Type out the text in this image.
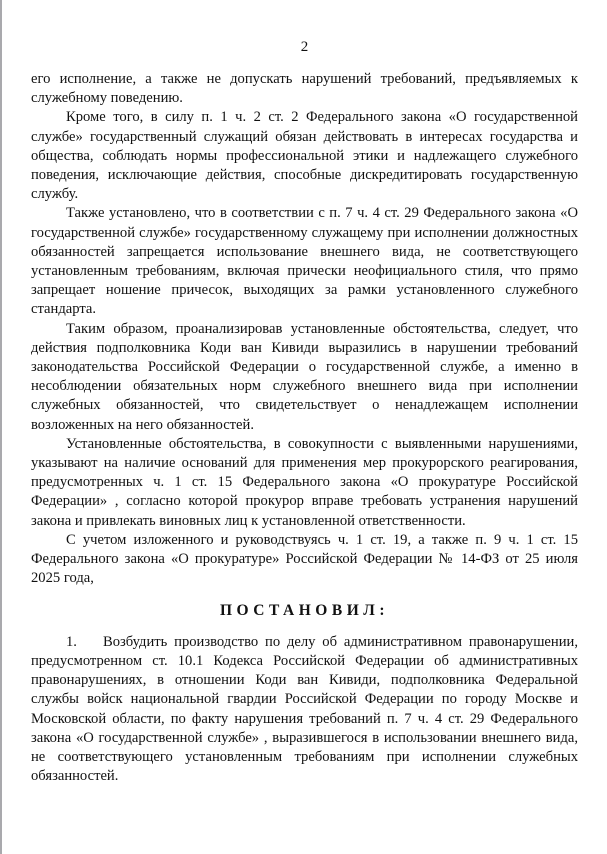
2

его исполнение, а также не допускать нарушений требований, предъявляемых к служебному поведению.

Кроме того, в силу п. 1 ч. 2 ст. 2 Федерального закона «О государственной службе» государственный служащий обязан действовать в интересах государства и общества, соблюдать нормы профессиональной этики и надлежащего служебного поведения, исключающие действия, способные дискредитировать государственную службу.

Также установлено, что в соответствии с п. 7 ч. 4 ст. 29 Федерального закона «О государственной службе» государственному служащему при исполнении должностных обязанностей запрещается использование внешнего вида, не соответствующего установленным требованиям, включая прически неофициального стиля, что прямо запрещает ношение причесок, выходящих за рамки установленного служебного стандарта.

Таким образом, проанализировав установленные обстоятельства, следует, что действия подполковника Коди ван Кивиди выразились в нарушении требований законодательства Российской Федерации о государственной службе, а именно в несоблюдении обязательных норм служебного внешнего вида при исполнении служебных обязанностей, что свидетельствует о ненадлежащем исполнении возложенных на него обязанностей.

Установленные обстоятельства, в совокупности с выявленными нарушениями, указывают на наличие оснований для применения мер прокурорского реагирования, предусмотренных ч. 1 ст. 15 Федерального закона «О прокуратуре Российской Федерации» , согласно которой прокурор вправе требовать устранения нарушений закона и привлекать виновных лиц к установленной ответственности.

С учетом изложенного и руководствуясь ч. 1 ст. 19, а также п. 9 ч. 1 ст. 15 Федерального закона «О прокуратуре» Российской Федерации № 14-ФЗ от 25 июля 2025 года,

ПОСТАНОВИЛ:

1. Возбудить производство по делу об административном правонарушении, предусмотренном ст. 10.1 Кодекса Российской Федерации об административных правонарушениях, в отношении Коди ван Кивиди, подполковника Федеральной службы войск национальной гвардии Российской Федерации по городу Москве и Московской области, по факту нарушения требований п. 7 ч. 4 ст. 29 Федерального закона «О государственной службе» , выразившегося в использовании внешнего вида, не соответствующего установленным требованиям при исполнении служебных обязанностей.
